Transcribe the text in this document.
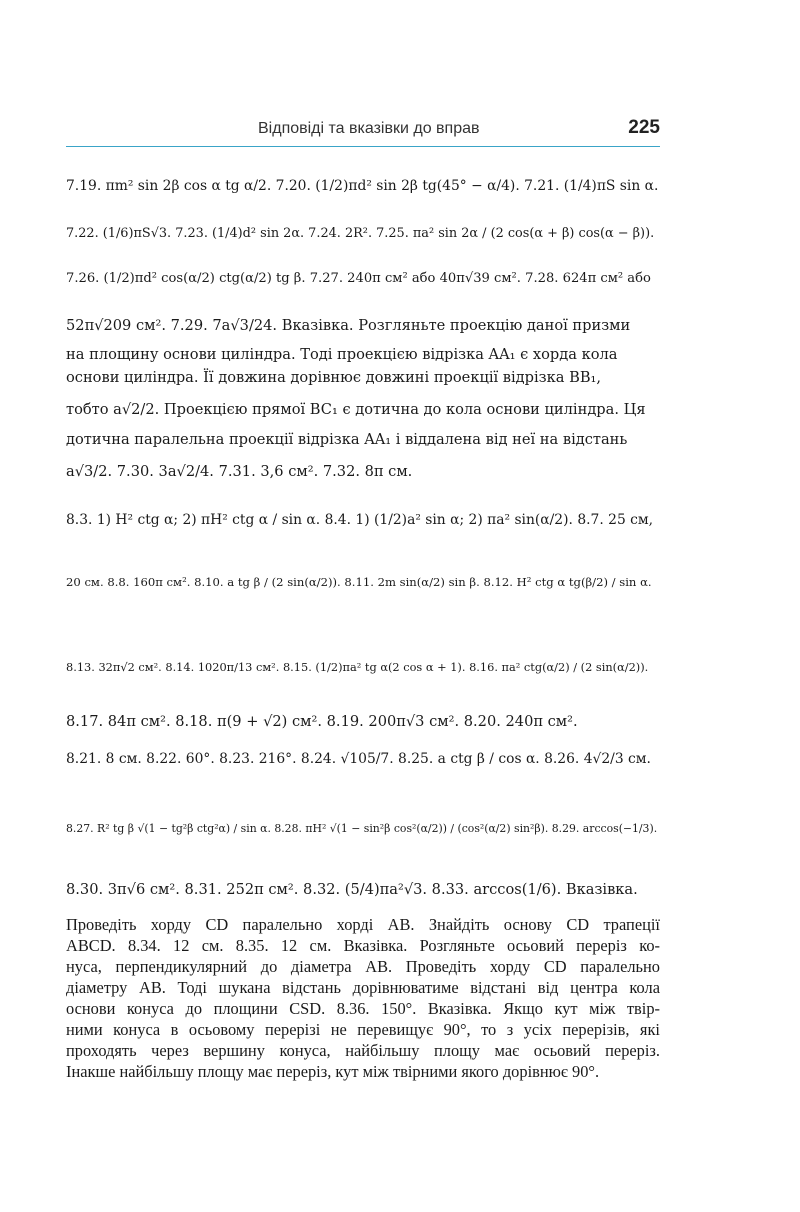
Відповіді та вказівки до вправ	225
7.19. πm² sin 2β cos α tg α/2. 7.20. (1/2)πd² sin 2β tg(45° − α/4). 7.21. (1/4)πS sin α.
7.22. (1/6)πS√3. 7.23. (1/4)d² sin 2α. 7.24. 2R². 7.25. πa² sin 2α / (2 cos(α + β) cos(α − β)).
7.26. (1/2)πd² cos(α/2) ctg(α/2) tg β. 7.27. 240π см² або 40π√39 см². 7.28. 624π см² або
52π√209 см². 7.29. 7a√3/24. Вказівка. Розгляньте проекцію даної призми
на площину основи циліндра. Тоді проекцією відрізка AA₁ є хорда кола
основи циліндра. Її довжина дорівнює довжині проекції відрізка BB₁,
тобто a√2/2. Проекцією прямої BC₁ є дотична до кола основи циліндра. Ця
дотична паралельна проекції відрізка AA₁ і віддалена від неї на відстань
a√3/2. 7.30. 3a√2/4. 7.31. 3,6 см². 7.32. 8π см.
8.3. 1) H² ctg α; 2) πH² ctg α / sin α. 8.4. 1) (1/2)a² sin α; 2) πa² sin(α/2). 8.7. 25 см,
20 см. 8.8. 160π см². 8.10. a tg β / (2 sin(α/2)). 8.11. 2m sin(α/2) sin β. 8.12. H² ctg α tg(β/2) / sin α.
8.13. 32π√2 см². 8.14. 1020π/13 см². 8.15. (1/2)πa² tg α(2 cos α + 1). 8.16. πa² ctg(α/2) / (2 sin(α/2)).
8.17. 84π см². 8.18. π(9 + √2) см². 8.19. 200π√3 см². 8.20. 240π см².
8.21. 8 см. 8.22. 60°. 8.23. 216°. 8.24. √105/7. 8.25. a ctg β / cos α. 8.26. 4√2/3 см.
8.27. R² tg β √(1 − tg²β ctg²α) / sin α. 8.28. πH² √(1 − sin²β cos²(α/2)) / (cos²(α/2) sin²β). 8.29. arccos(−1/3).
8.30. 3π√6 см². 8.31. 252π см². 8.32. (5/4)πa²√3. 8.33. arccos(1/6). Вказівка.
Проведіть хорду CD паралельно хорді AB. Знайдіть основу CD трапеції
ABCD. 8.34. 12 см. 8.35. 12 см. Вказівка. Розгляньте осьовий переріз ко-
нуса, перпендикулярний до діаметра AB. Проведіть хорду CD паралельно
діаметру AB. Тоді шукана відстань дорівнюватиме відстані від центра кола
основи конуса до площини CSD. 8.36. 150°. Вказівка. Якщо кут між твір-
ними конуса в осьовому перерізі не перевищує 90°, то з усіх перерізів, які
проходять через вершину конуса, найбільшу площу має осьовий переріз.
Інакше найбільшу площу має переріз, кут між твірними якого дорівнює 90°.
